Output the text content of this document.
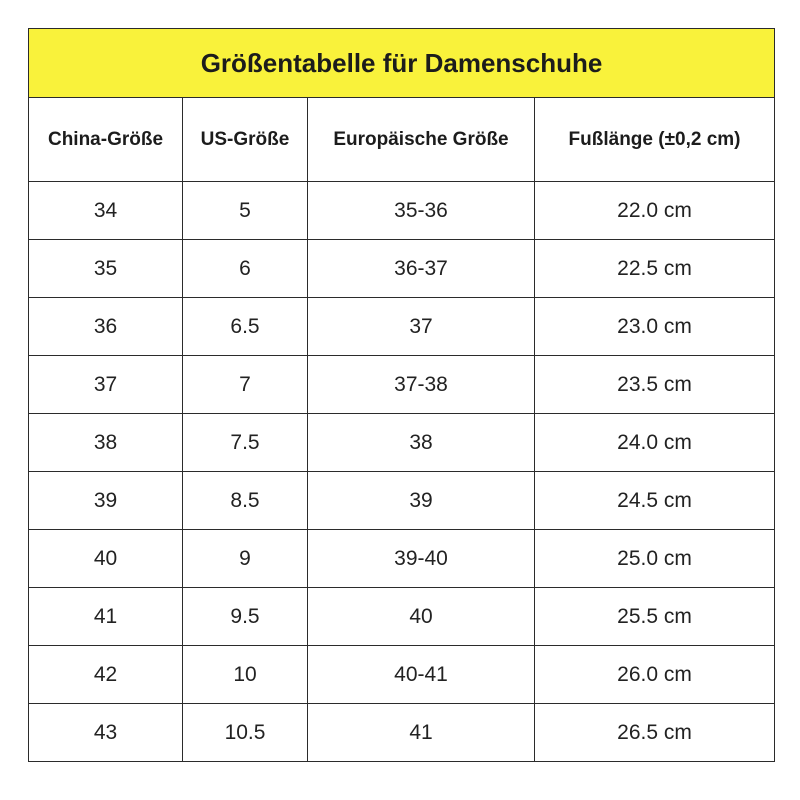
Größentabelle für Damenschuhe			
China-Größe	US-Größe	Europäische Größe	Fußlänge (±0,2 cm)
34	5	35-36	22.0 cm
35	6	36-37	22.5 cm
36	6.5	37	23.0 cm
37	7	37-38	23.5 cm
38	7.5	38	24.0 cm
39	8.5	39	24.5 cm
40	9	39-40	25.0 cm
41	9.5	40	25.5 cm
42	10	40-41	26.0 cm
43	10.5	41	26.5 cm
